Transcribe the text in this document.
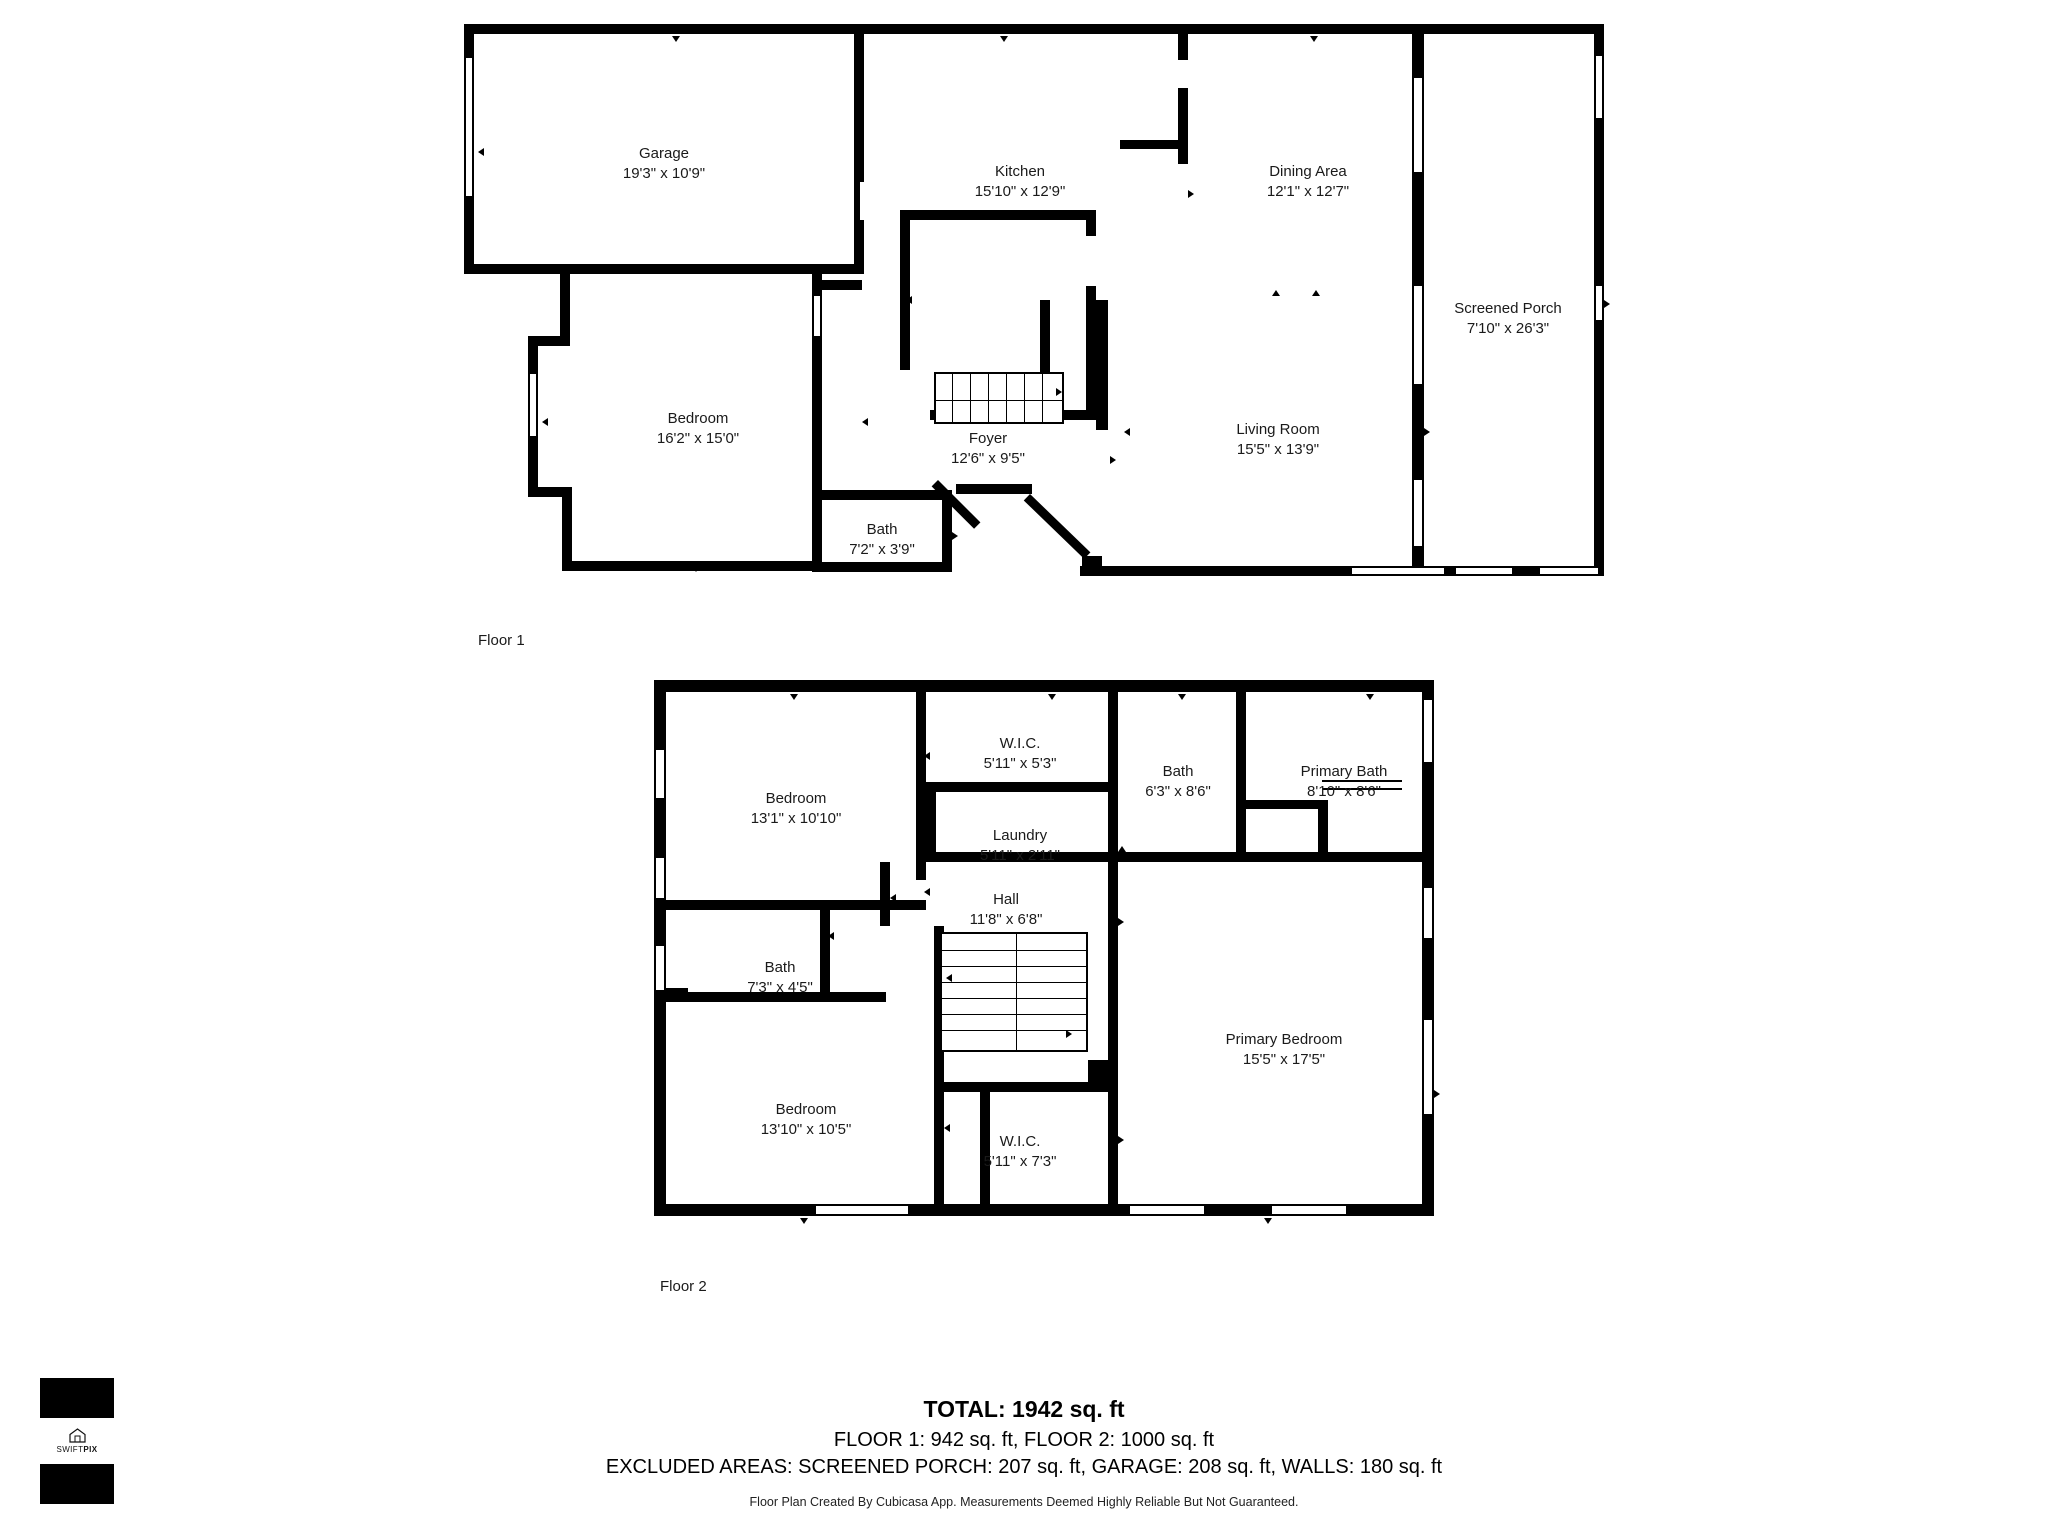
Garage
19'3" x 10'9"	Kitchen
15'10" x 12'9"
Dining Area
12'1" x 12'7"
Screened Porch
7'10" x 26'3"
Bedroom
16'2" x 15'0"	Foyer
12'6" x 9'5"
Living Room
15'5" x 13'9"
Bath
7'2" x 3'9"
Floor 1
Bedroom
13'1" x 10'10"
W.I.C.
5'11" x 5'3"	Bath
6'3" x 8'6"
Primary Bath
8'10" x 8'6"
Laundry
5'11" x 2'11"
Hall
11'8" x 6'8"
Bath
7'3" x 4'5"
Primary Bedroom
15'5" x 17'5"
Bedroom
13'10" x 10'5"
W.I.C.
5'11" x 7'3"
Floor 2
TOTAL: 1942 sq. ft
FLOOR 1: 942 sq. ft, FLOOR 2: 1000 sq. ft
EXCLUDED AREAS: SCREENED PORCH: 207 sq. ft, GARAGE: 208 sq. ft, WALLS: 180 sq. ft
Floor Plan Created By Cubicasa App. Measurements Deemed Highly Reliable But Not Guaranteed.
SWIFTPIX
